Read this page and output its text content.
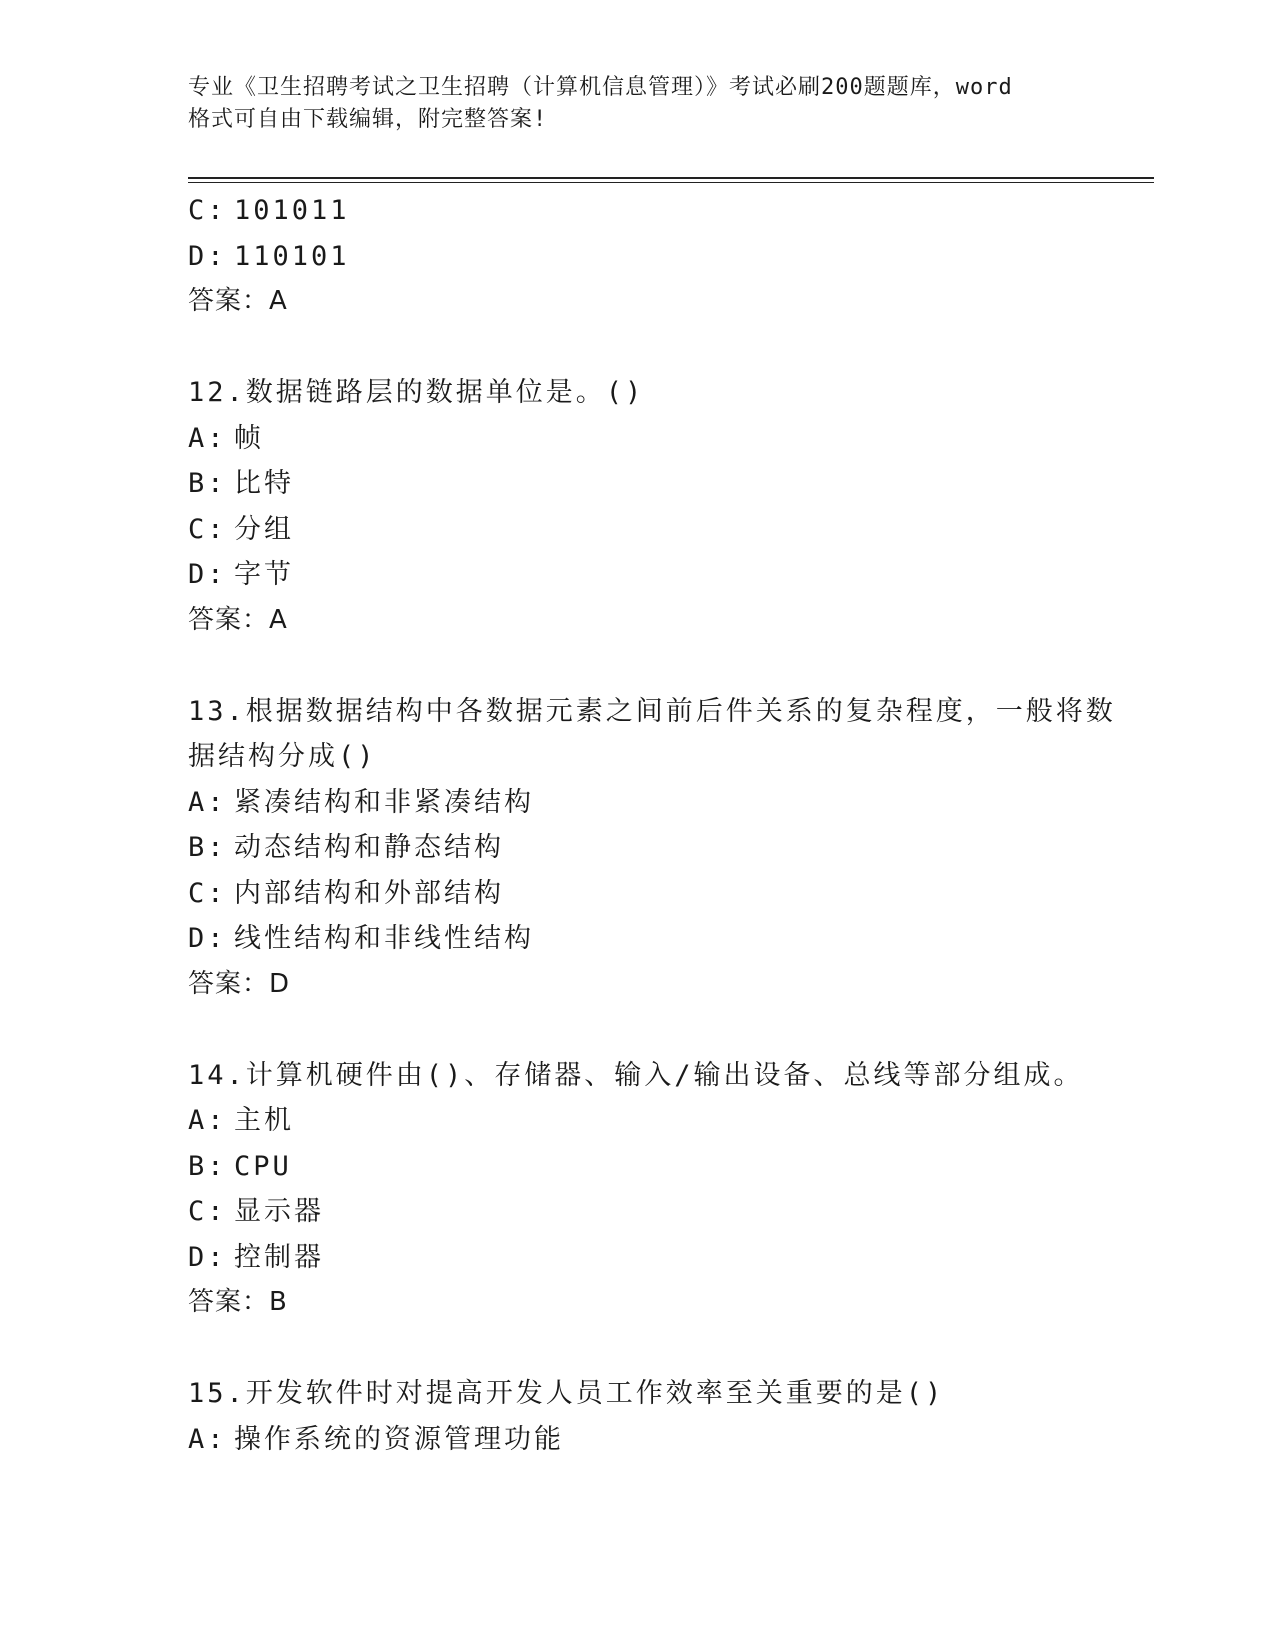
专业《卫生招聘考试之卫生招聘（计算机信息管理）》考试必刷200题题库，word
格式可自由下载编辑，附完整答案!
C: 101011
D: 110101
答案：A
12.数据链路层的数据单位是。()
A: 帧
B: 比特
C: 分组
D: 字节
答案：A
13.根据数据结构中各数据元素之间前后件关系的复杂程度，一般将数
据结构分成()
A: 紧凑结构和非紧凑结构
B: 动态结构和静态结构
C: 内部结构和外部结构
D: 线性结构和非线性结构
答案：D
14.计算机硬件由()、存储器、输入/输出设备、总线等部分组成。
A: 主机
B: CPU
C: 显示器
D: 控制器
答案：B
15.开发软件时对提高开发人员工作效率至关重要的是()
A: 操作系统的资源管理功能
